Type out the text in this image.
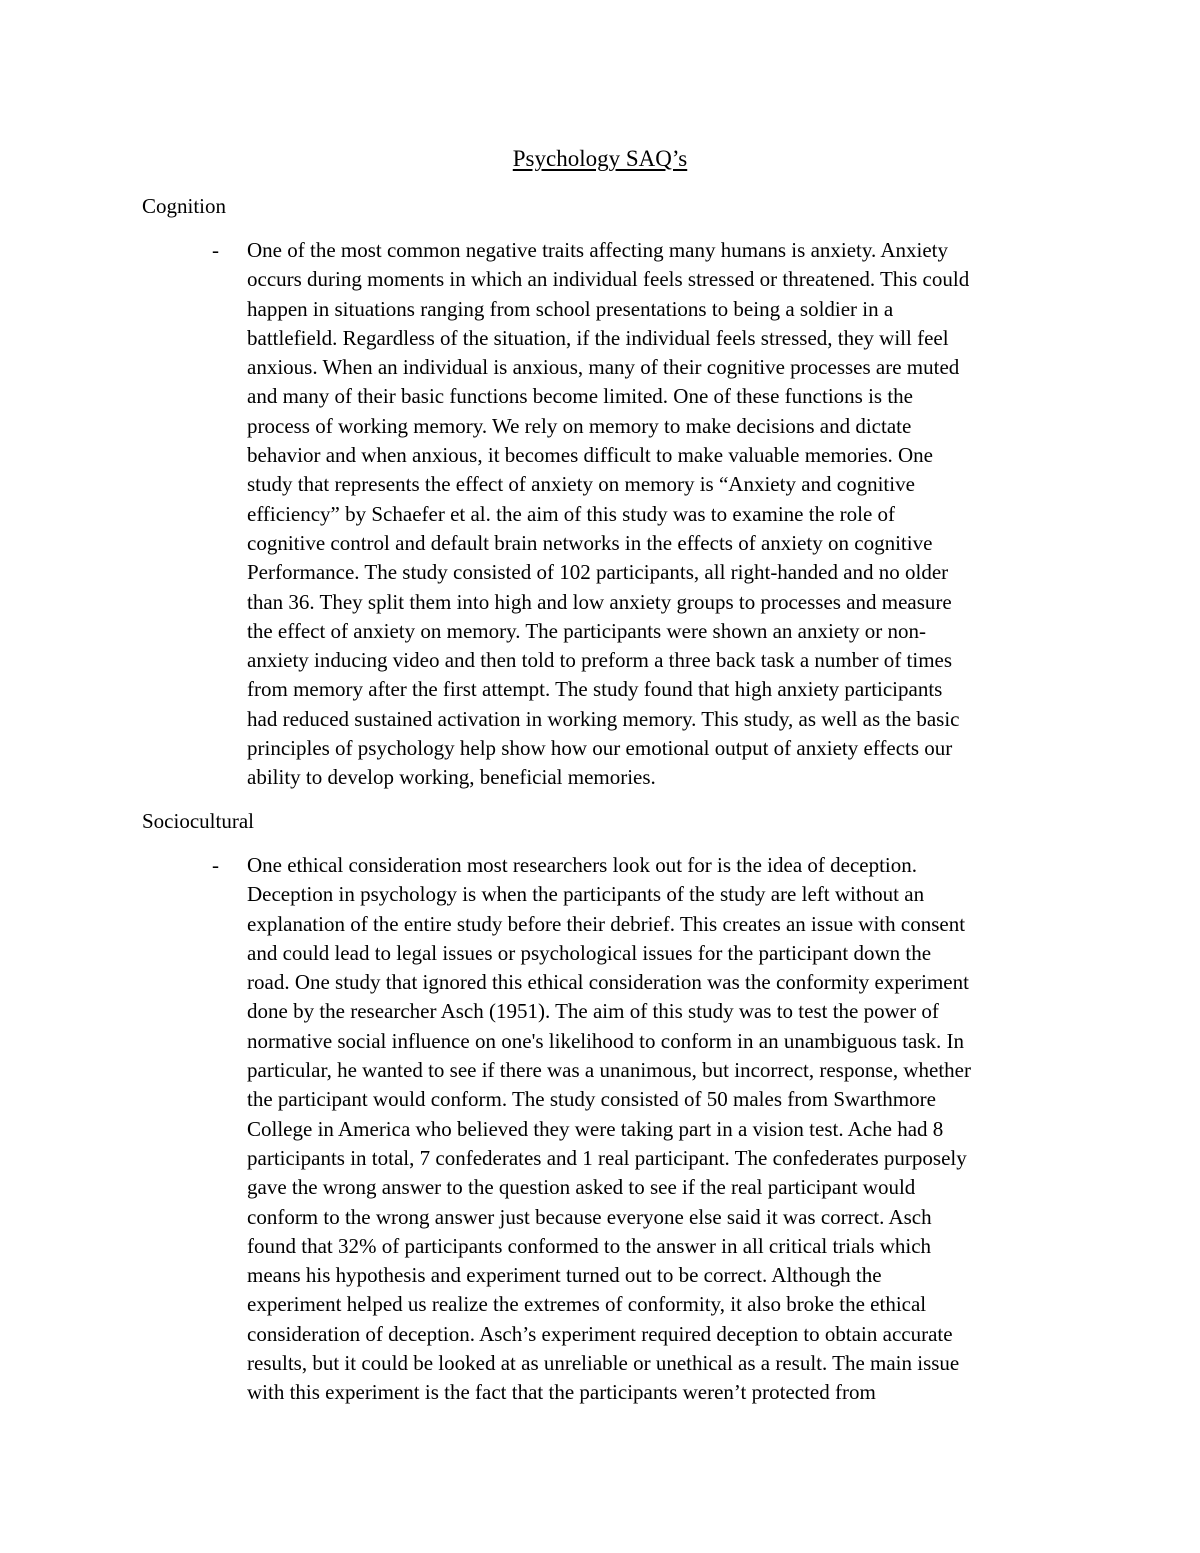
Psychology SAQ’s
Cognition
- One of the most common negative traits affecting many humans is anxiety. Anxiety
occurs during moments in which an individual feels stressed or threatened. This could
happen in situations ranging from school presentations to being a soldier in a
battlefield. Regardless of the situation, if the individual feels stressed, they will feel
anxious. When an individual is anxious, many of their cognitive processes are muted
and many of their basic functions become limited. One of these functions is the
process of working memory. We rely on memory to make decisions and dictate
behavior and when anxious, it becomes difficult to make valuable memories. One
study that represents the effect of anxiety on memory is “Anxiety and cognitive
efficiency” by Schaefer et al. the aim of this study was to examine the role of
cognitive control and default brain networks in the effects of anxiety on cognitive
Performance. The study consisted of 102 participants, all right-handed and no older
than 36. They split them into high and low anxiety groups to processes and measure
the effect of anxiety on memory. The participants were shown an anxiety or non-
anxiety inducing video and then told to preform a three back task a number of times
from memory after the first attempt. The study found that high anxiety participants
had reduced sustained activation in working memory. This study, as well as the basic
principles of psychology help show how our emotional output of anxiety effects our
ability to develop working, beneficial memories.
Sociocultural
- One ethical consideration most researchers look out for is the idea of deception.
Deception in psychology is when the participants of the study are left without an
explanation of the entire study before their debrief. This creates an issue with consent
and could lead to legal issues or psychological issues for the participant down the
road. One study that ignored this ethical consideration was the conformity experiment
done by the researcher Asch (1951). The aim of this study was to test the power of
normative social influence on one's likelihood to conform in an unambiguous task. In
particular, he wanted to see if there was a unanimous, but incorrect, response, whether
the participant would conform. The study consisted of 50 males from Swarthmore
College in America who believed they were taking part in a vision test. Ache had 8
participants in total, 7 confederates and 1 real participant. The confederates purposely
gave the wrong answer to the question asked to see if the real participant would
conform to the wrong answer just because everyone else said it was correct. Asch
found that 32% of participants conformed to the answer in all critical trials which
means his hypothesis and experiment turned out to be correct. Although the
experiment helped us realize the extremes of conformity, it also broke the ethical
consideration of deception. Asch’s experiment required deception to obtain accurate
results, but it could be looked at as unreliable or unethical as a result. The main issue
with this experiment is the fact that the participants weren’t protected from
